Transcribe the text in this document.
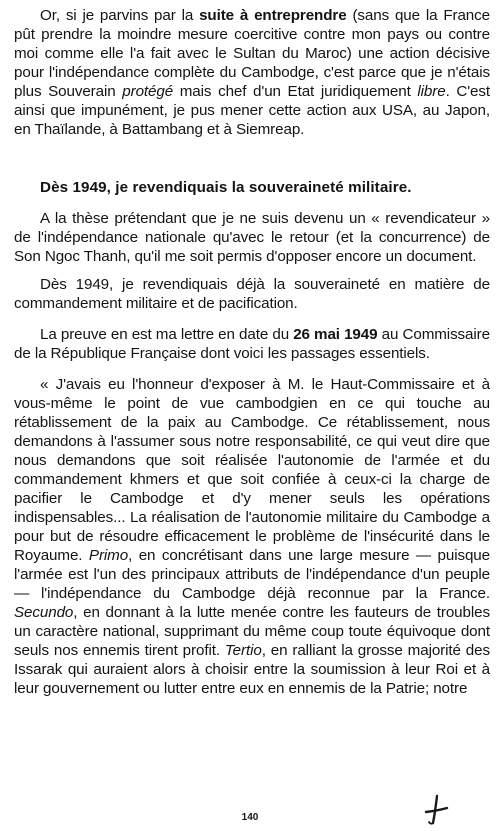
Or, si je parvins par la suite à entreprendre (sans que la France pût prendre la moindre mesure coercitive contre mon pays ou contre moi comme elle l'a fait avec le Sultan du Maroc) une action décisive pour l'indépendance complète du Cambodge, c'est parce que je n'étais plus Souverain protégé mais chef d'un Etat juridiquement libre. C'est ainsi que impunément, je pus mener cette action aux USA, au Japon, en Thaïlande, à Battambang et à Siemreap.

Dès 1949, je revendiquais la souveraineté militaire.

A la thèse prétendant que je ne suis devenu un « revendicateur » de l'indépendance nationale qu'avec le retour (et la concurrence) de Son Ngoc Thanh, qu'il me soit permis d'opposer encore un document.

Dès 1949, je revendiquais déjà la souveraineté en matière de commandement militaire et de pacification.

La preuve en est ma lettre en date du 26 mai 1949 au Commissaire de la République Française dont voici les passages essentiels.

« J'avais eu l'honneur d'exposer à M. le Haut-Commissaire et à vous-même le point de vue cambodgien en ce qui touche au rétablissement de la paix au Cambodge. Ce rétablissement, nous demandons à l'assumer sous notre responsabilité, ce qui veut dire que nous demandons que soit réalisée l'autonomie de l'armée et du commandement khmers et que soit confiée à ceux-ci la charge de pacifier le Cambodge et d'y mener seuls les opérations indispensables... La réalisation de l'autonomie militaire du Cambodge a pour but de résoudre efficacement le problème de l'insécurité dans le Royaume. Primo, en concrétisant dans une large mesure — puisque l'armée est l'un des principaux attributs de l'indépendance d'un peuple — l'indépendance du Cambodge déjà reconnue par la France. Secundo, en donnant à la lutte menée contre les fauteurs de troubles un caractère national, supprimant du même coup toute équivoque dont seuls nos ennemis tirent profit. Tertio, en ralliant la grosse majorité des Issarak qui auraient alors à choisir entre la soumission à leur Roi et à leur gouvernement ou lutter entre eux en ennemis de la Patrie; notre

140
